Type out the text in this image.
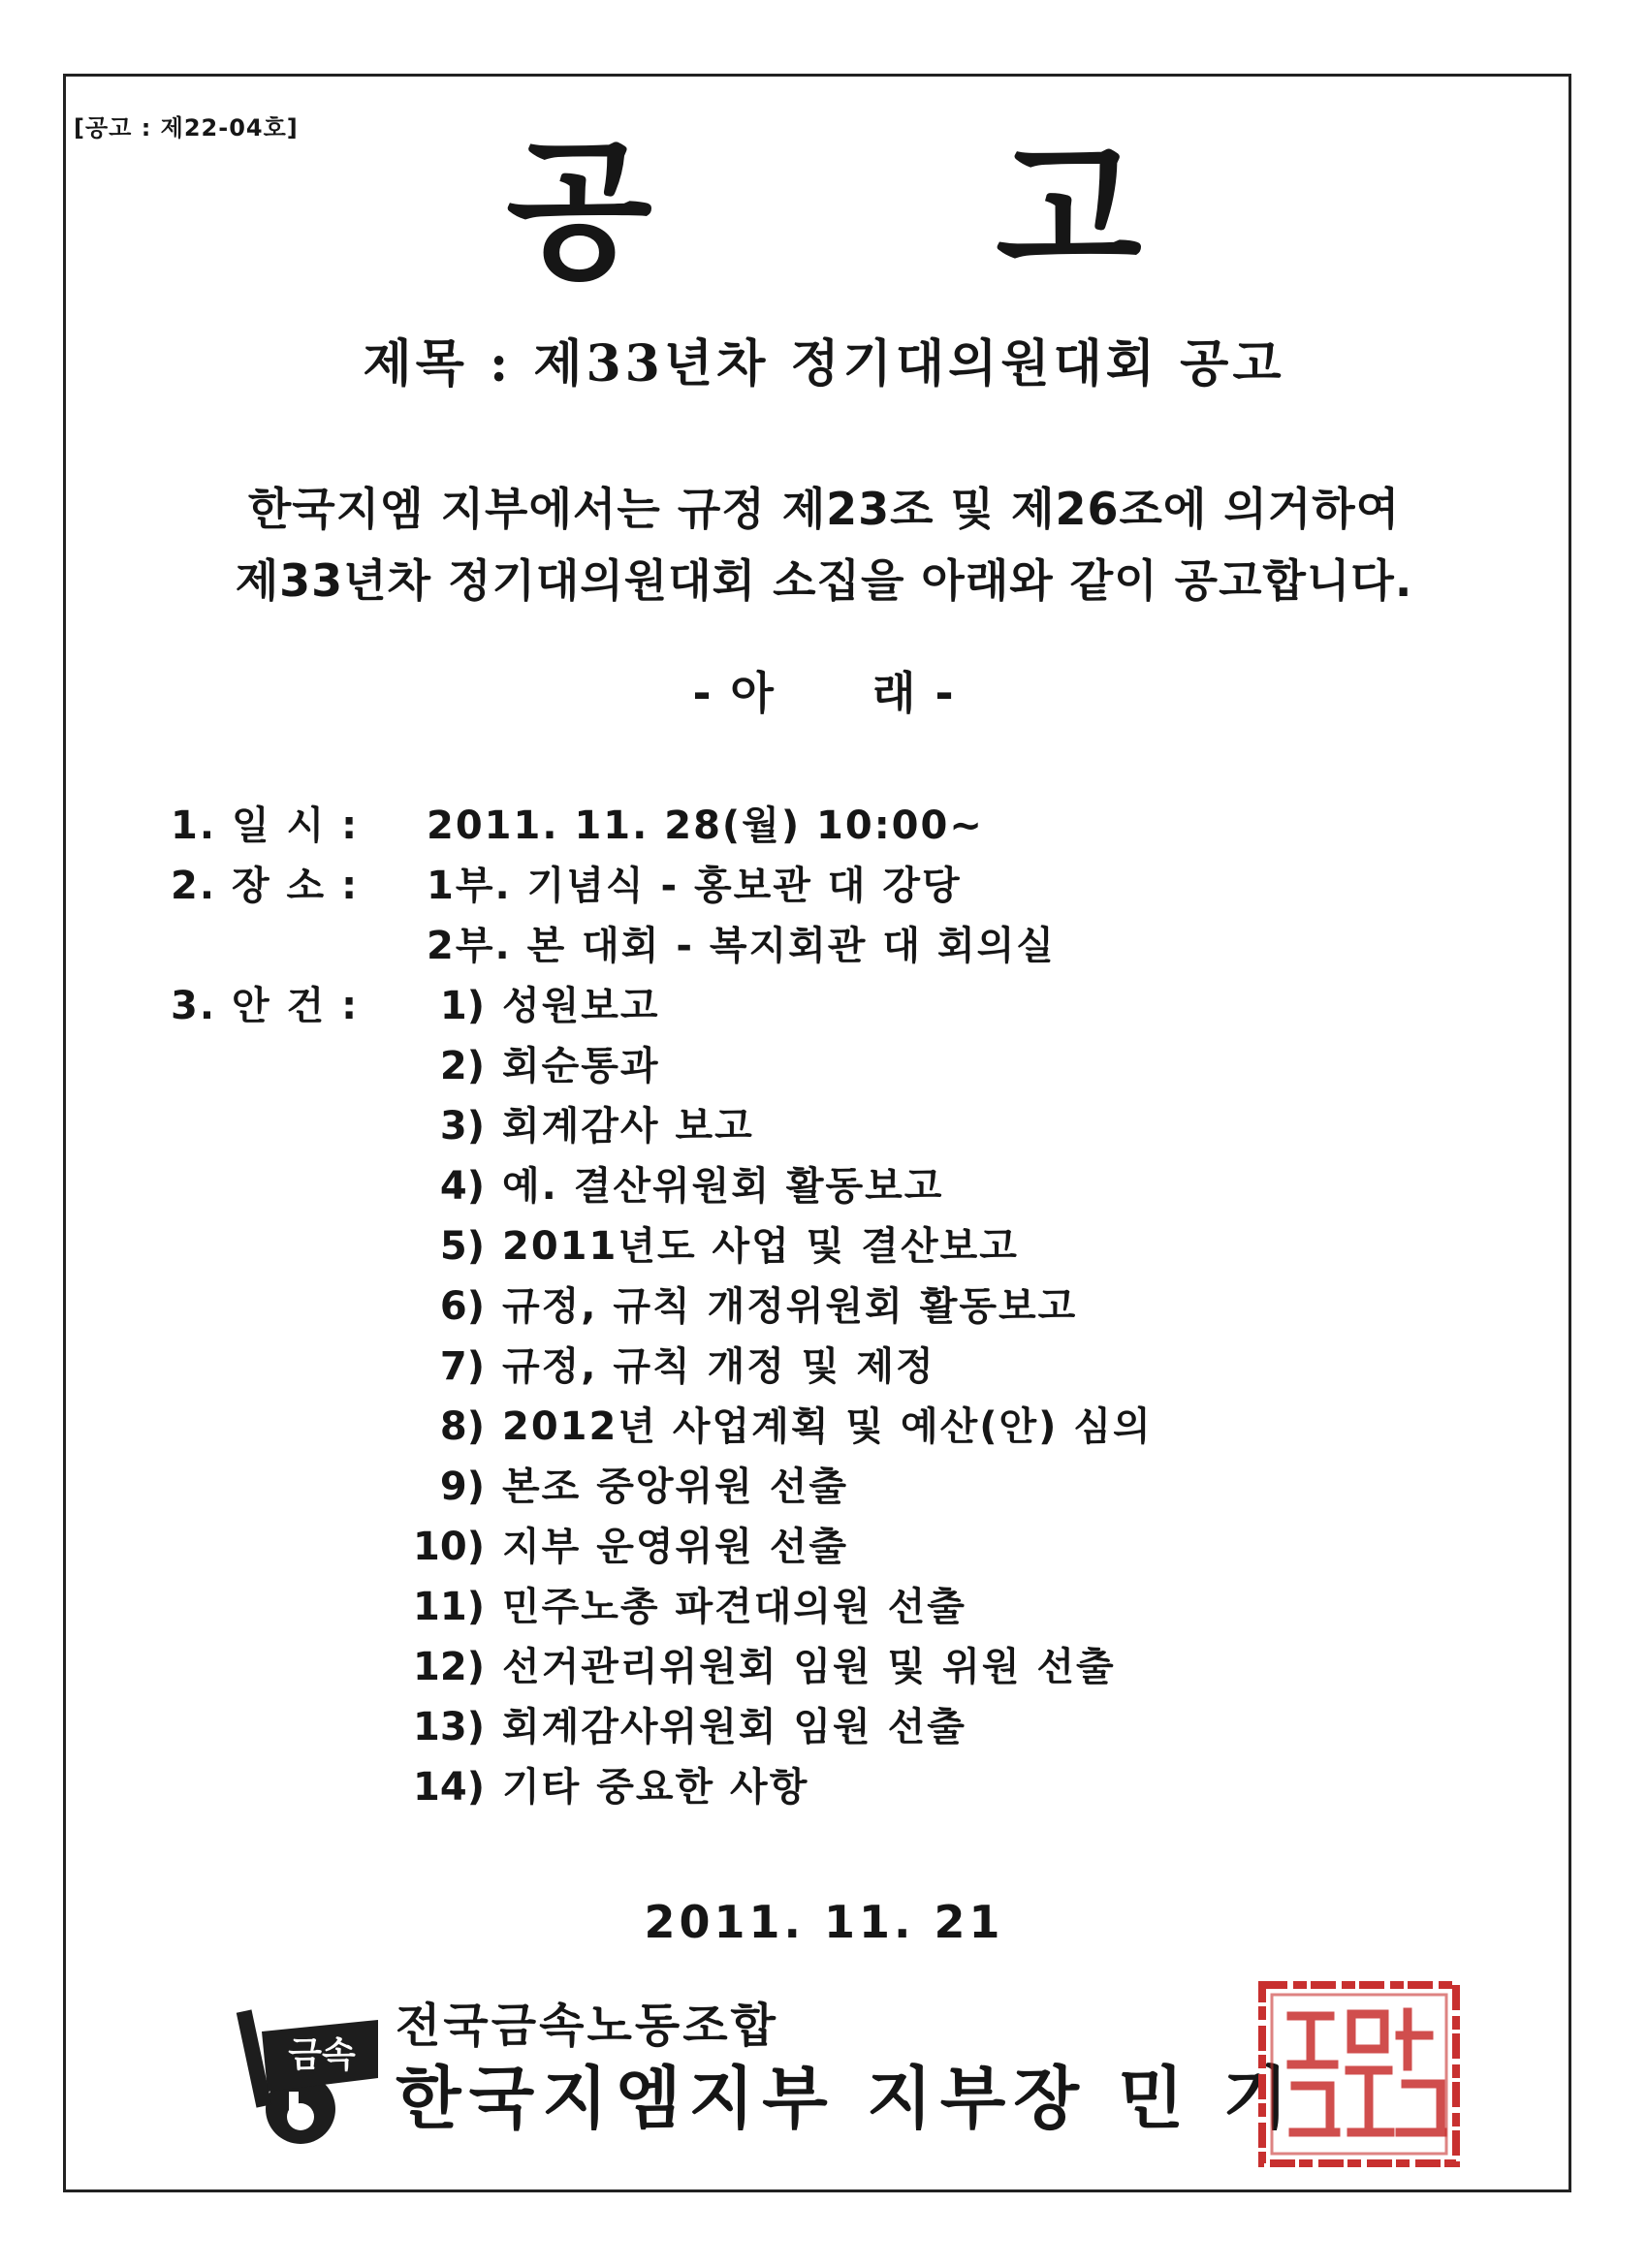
[공고 : 제22-04호]	공 고
제목 : 제33년차 정기대의원대회 공고
한국지엠 지부에서는 규정 제23조 및 제26조에 의거하여
제33년차 정기대의원대회 소집을 아래와 같이 공고합니다.
- 아 래 -
1. 일 시 : 2011. 11. 28(월) 10:00~
2. 장 소 : 1부. 기념식 - 홍보관 대 강당
2부. 본 대회 - 복지회관 대 회의실
3. 안 건 :	1) 성원보고
2) 회순통과
3) 회계감사 보고
4) 예. 결산위원회 활동보고
5) 2011년도 사업 및 결산보고
6) 규정, 규칙 개정위원회 활동보고
7) 규정, 규칙 개정 및 제정
8) 2012년 사업계획 및 예산(안) 심의
9) 본조 중앙위원 선출
10) 지부 운영위원 선출
11) 민주노총 파견대의원 선출
12) 선거관리위원회 임원 및 위원 선출
13) 회계감사위원회 임원 선출
14) 기타 중요한 사항
2011. 11. 21
금속
전국금속노동조합
한국지엠지부 지부장 민 기
